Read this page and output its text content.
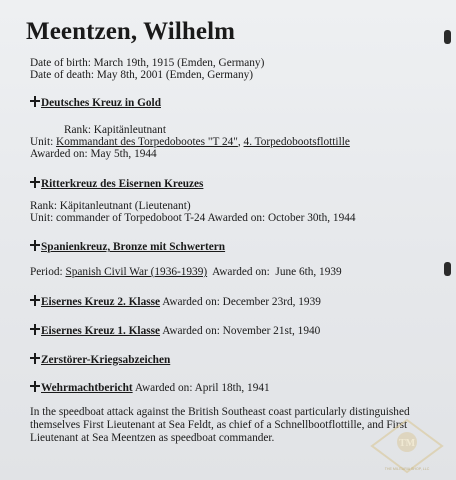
Meentzen, Wilhelm
Date of birth: March 19th, 1915 (Emden, Germany)
Date of death: May 8th, 2001 (Emden, Germany)
Deutsches Kreuz in Gold
Rank: Kapitänleutnant
Unit: Kommandant des Torpedobootes "T 24", 4. Torpedobootsflottille
Awarded on: May 5th, 1944
Ritterkreuz des Eisernen Kreuzes
Rank: Käpitanleutnant (Lieutenant)
Unit: commander of Torpedoboot T-24 Awarded on: October 30th, 1944
Spanienkreuz, Bronze mit Schwertern
Period: Spanish Civil War (1936-1939)  Awarded on:  June 6th, 1939
Eisernes Kreuz 2. Klasse Awarded on: December 23rd, 1939
Eisernes Kreuz 1. Klasse Awarded on: November 21st, 1940
Zerstörer-Kriegsabzeichen
Wehrmachtbericht Awarded on: April 18th, 1941

In the speedboat attack against the British Southeast coast particularly distinguished themselves First Lieutenant at Sea Feldt, as chief of a Schnellbootflottille, and First Lieutenant at Sea Meentzen as speedboat commander.	TM
THE MILITARIA SHOP, LLC
